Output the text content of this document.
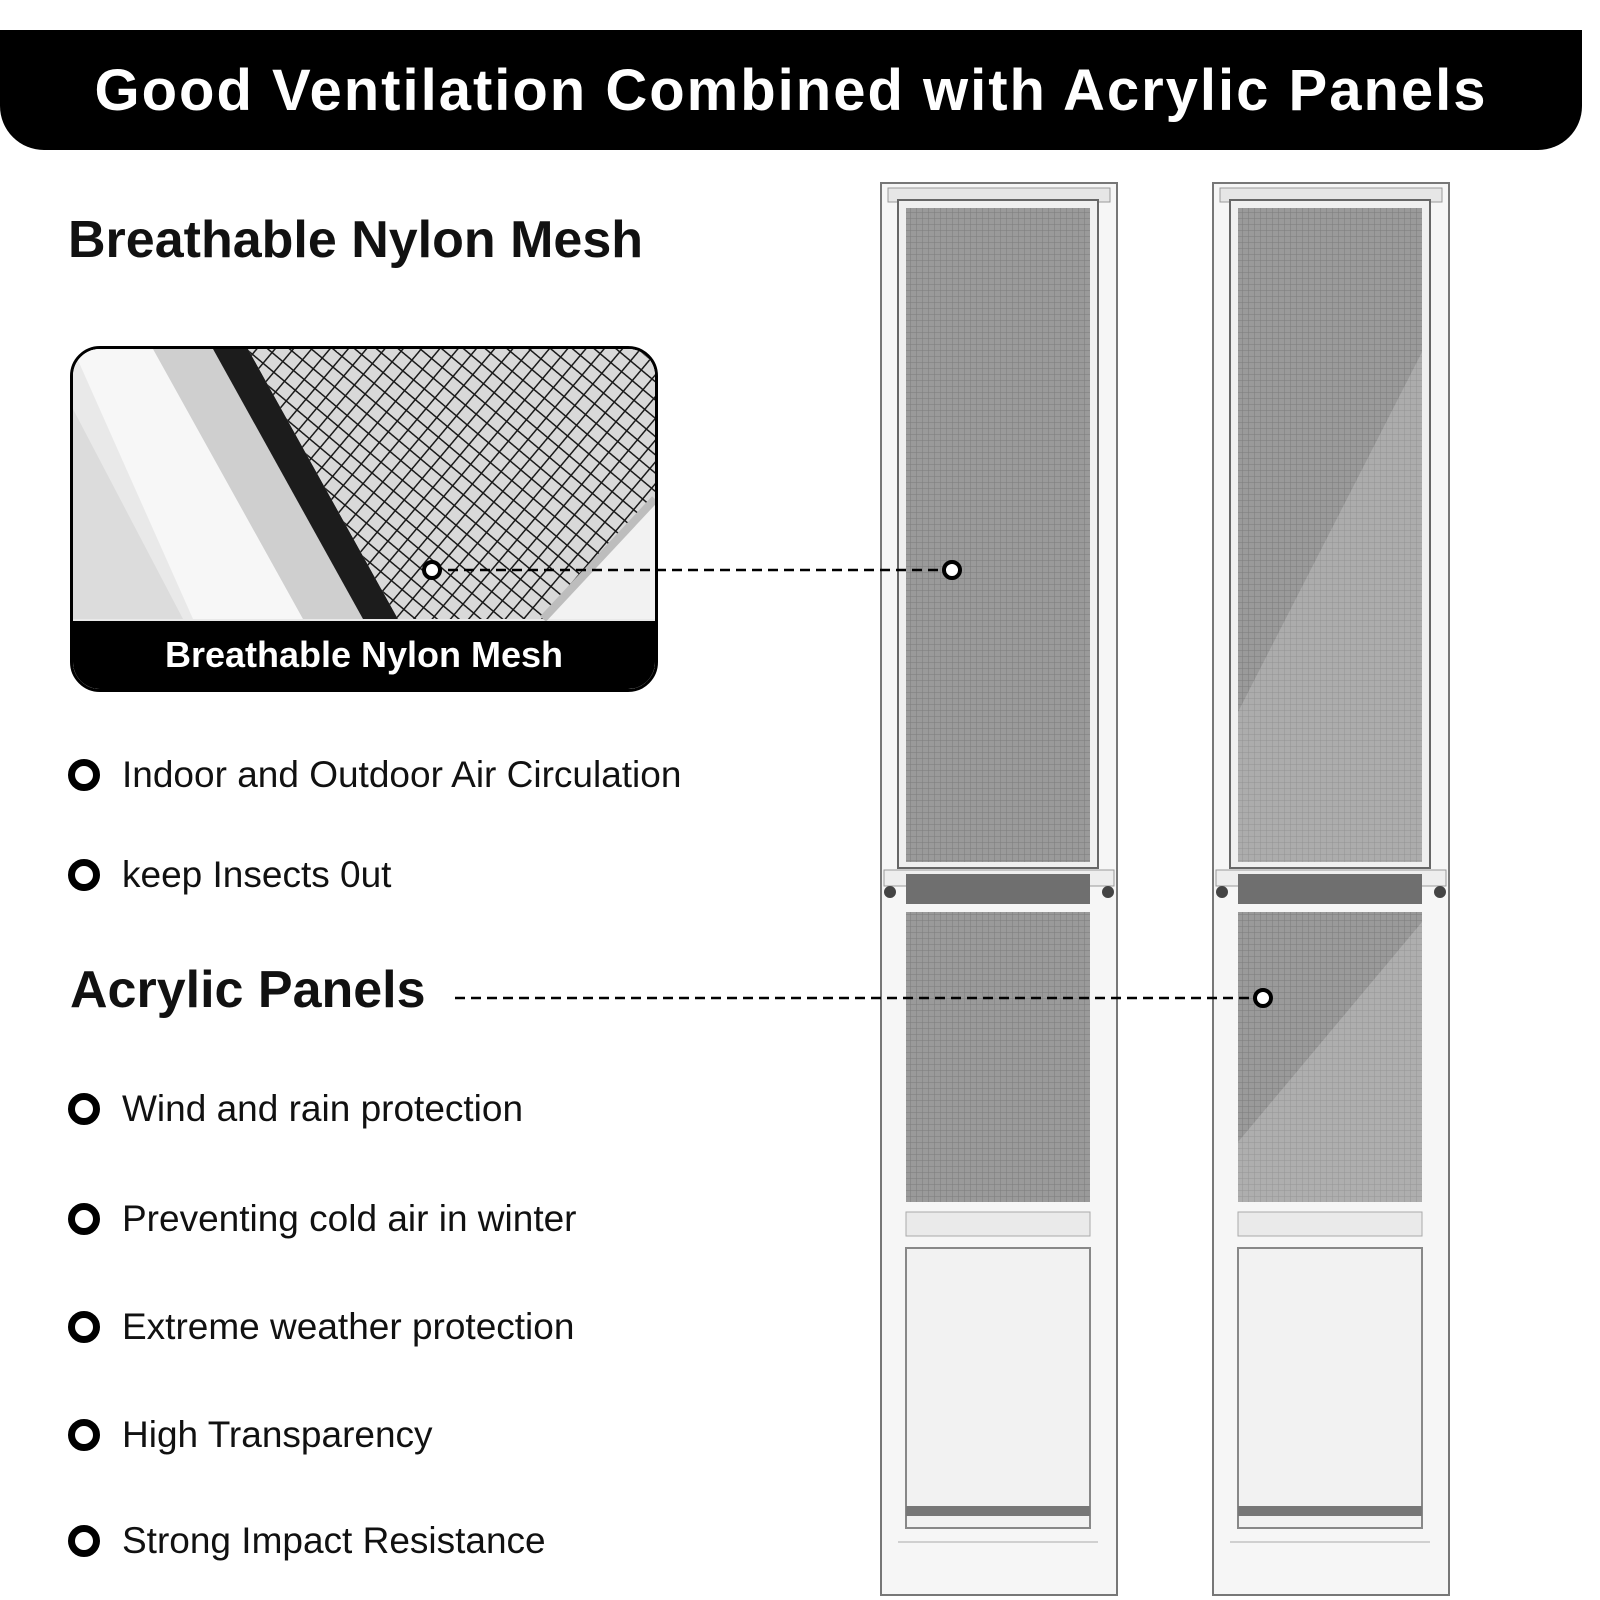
Good Ventilation Combined with Acrylic Panels
Breathable Nylon Mesh
Breathable Nylon Mesh
Indoor and Outdoor Air Circulation
keep Insects 0ut
Acrylic Panels
Wind and rain protection
Preventing cold air in winter
Extreme weather protection
High Transparency
Strong Impact Resistance
